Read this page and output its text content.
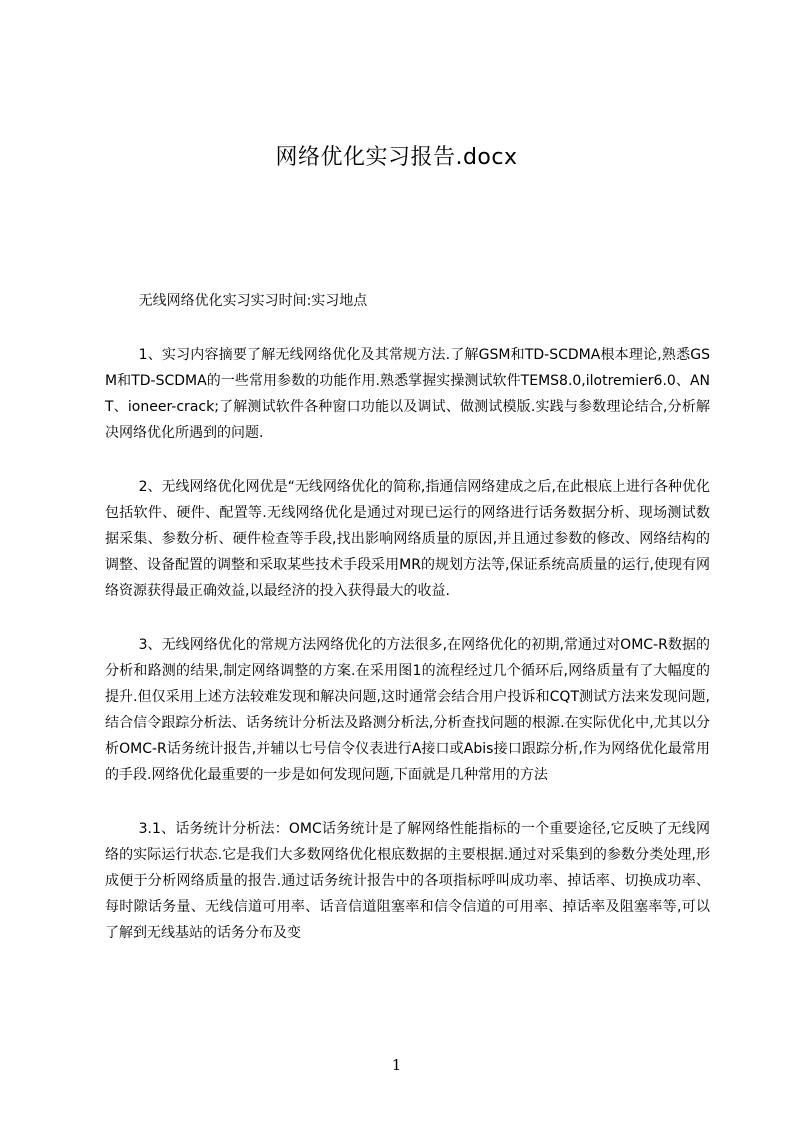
网络优化实习报告.docx

无线网络优化实习实习时间:实习地点

1、实习内容摘要了解无线网络优化及其常规方法.了解GSM和TD-SCDMA根本理论,熟悉GSM和TD-SCDMA的一些常用参数的功能作用.熟悉掌握实操测试软件TEMS8.0,ilotremier6.0、ANT、ioneer-crack;了解测试软件各种窗口功能以及调试、做测试模版.实践与参数理论结合,分析解决网络优化所遇到的问题.

2、无线网络优化网优是“无线网络优化的简称,指通信网络建成之后,在此根底上进行各种优化包括软件、硬件、配置等.无线网络优化是通过对现已运行的网络进行话务数据分析、现场测试数据采集、参数分析、硬件检查等手段,找出影响网络质量的原因,并且通过参数的修改、网络结构的调整、设备配置的调整和采取某些技术手段采用MR的规划方法等,保证系统高质量的运行,使现有网络资源获得最正确效益,以最经济的投入获得最大的收益.

3、无线网络优化的常规方法网络优化的方法很多,在网络优化的初期,常通过对OMC-R数据的分析和路测的结果,制定网络调整的方案.在采用图1的流程经过几个循环后,网络质量有了大幅度的提升.但仅采用上述方法较难发现和解决问题,这时通常会结合用户投诉和CQT测试方法来发现问题,结合信令跟踪分析法、话务统计分析法及路测分析法,分析查找问题的根源.在实际优化中,尤其以分析OMC-R话务统计报告,并辅以七号信令仪表进行A接口或Abis接口跟踪分析,作为网络优化最常用的手段.网络优化最重要的一步是如何发现问题,下面就是几种常用的方法

3.1、话务统计分析法：OMC话务统计是了解网络性能指标的一个重要途径,它反映了无线网络的实际运行状态.它是我们大多数网络优化根底数据的主要根据.通过对采集到的参数分类处理,形成便于分析网络质量的报告.通过话务统计报告中的各项指标呼叫成功率、掉话率、切换成功率、每时隙话务量、无线信道可用率、话音信道阻塞率和信令信道的可用率、掉话率及阻塞率等,可以了解到无线基站的话务分布及变

1
